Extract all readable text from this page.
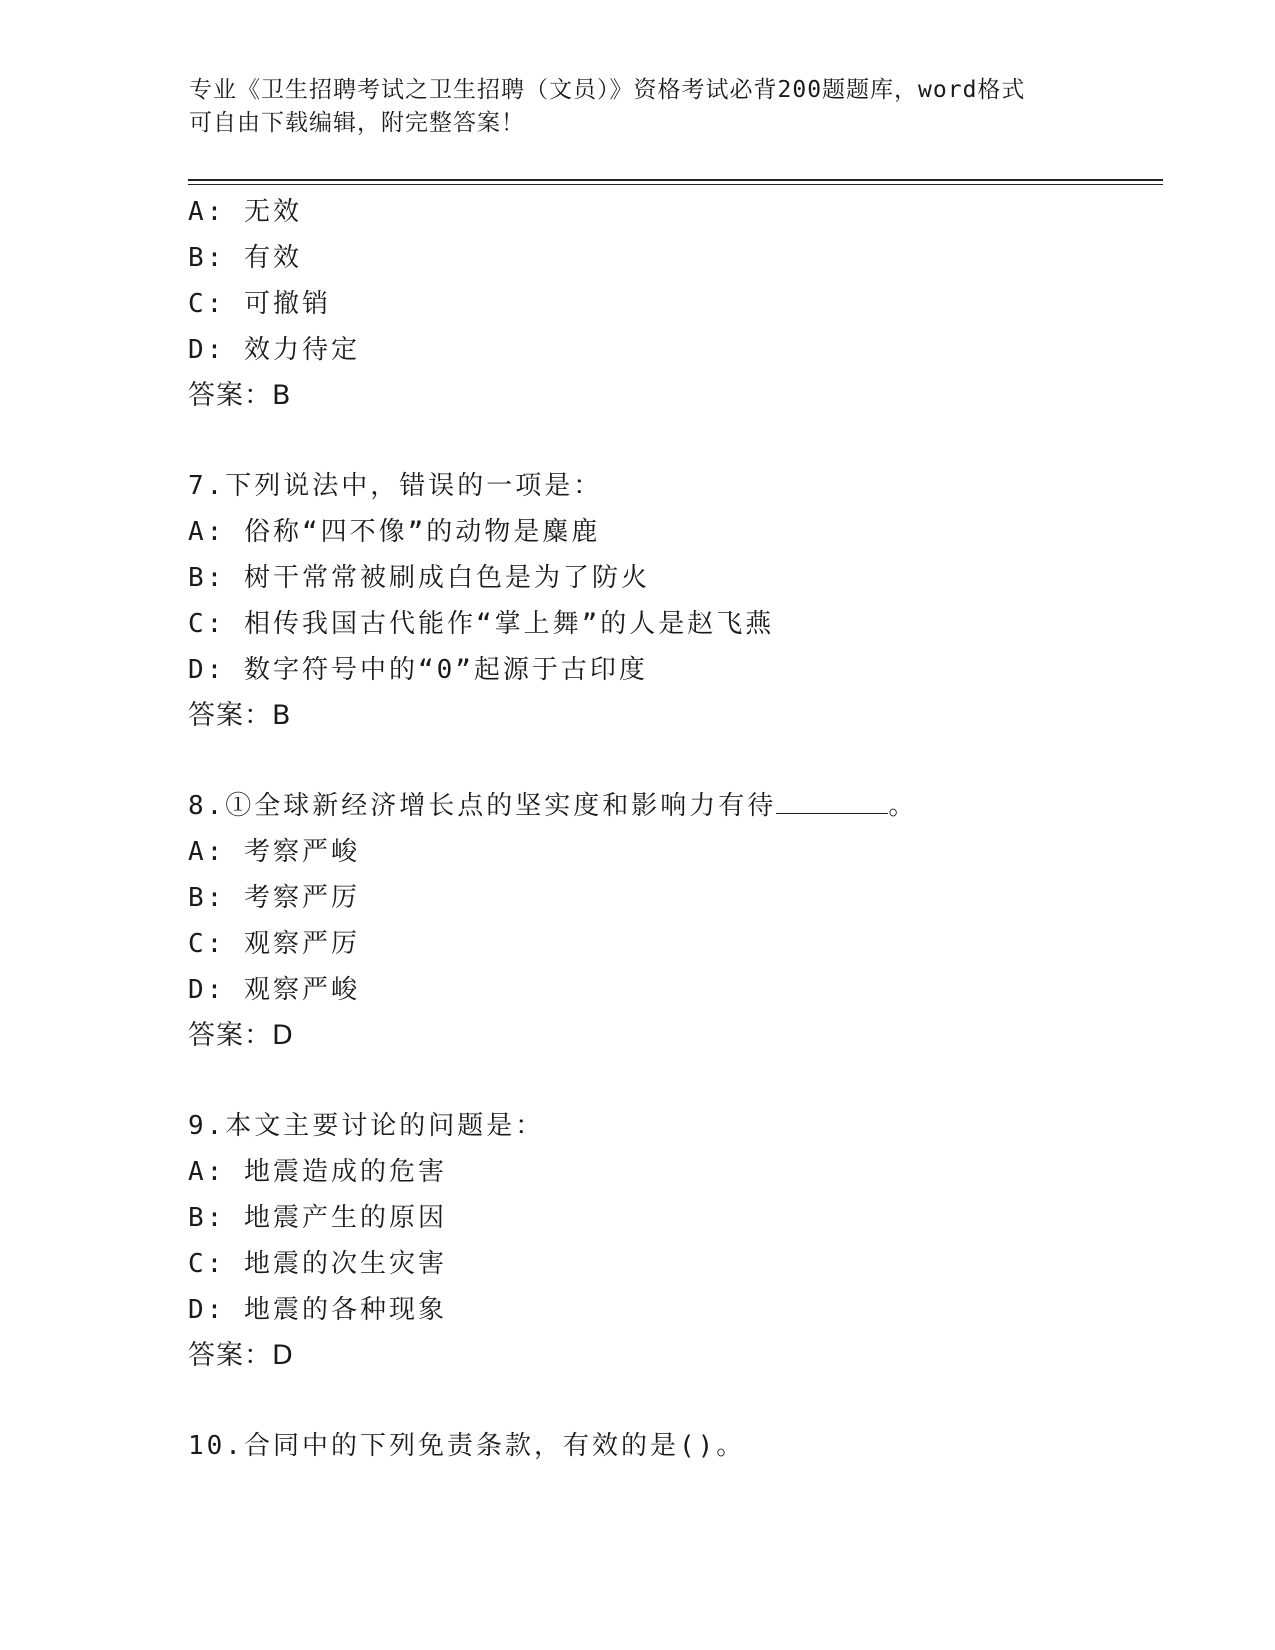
专业《卫生招聘考试之卫生招聘（文员）》资格考试必背200题题库，word格式
可自由下载编辑，附完整答案！
A: 无效
B: 有效
C: 可撤销
D: 效力待定
答案：B
7.下列说法中，错误的一项是：
A: 俗称“四不像”的动物是麋鹿
B: 树干常常被刷成白色是为了防火
C: 相传我国古代能作“掌上舞”的人是赵飞燕
D: 数字符号中的“0”起源于古印度
答案：B
8.①全球新经济增长点的坚实度和影响力有待	。
A: 考察严峻
B: 考察严厉
C: 观察严厉
D: 观察严峻
答案：D
9.本文主要讨论的问题是：
A: 地震造成的危害
B: 地震产生的原因
C: 地震的次生灾害
D: 地震的各种现象
答案：D
10.合同中的下列免责条款，有效的是()。
